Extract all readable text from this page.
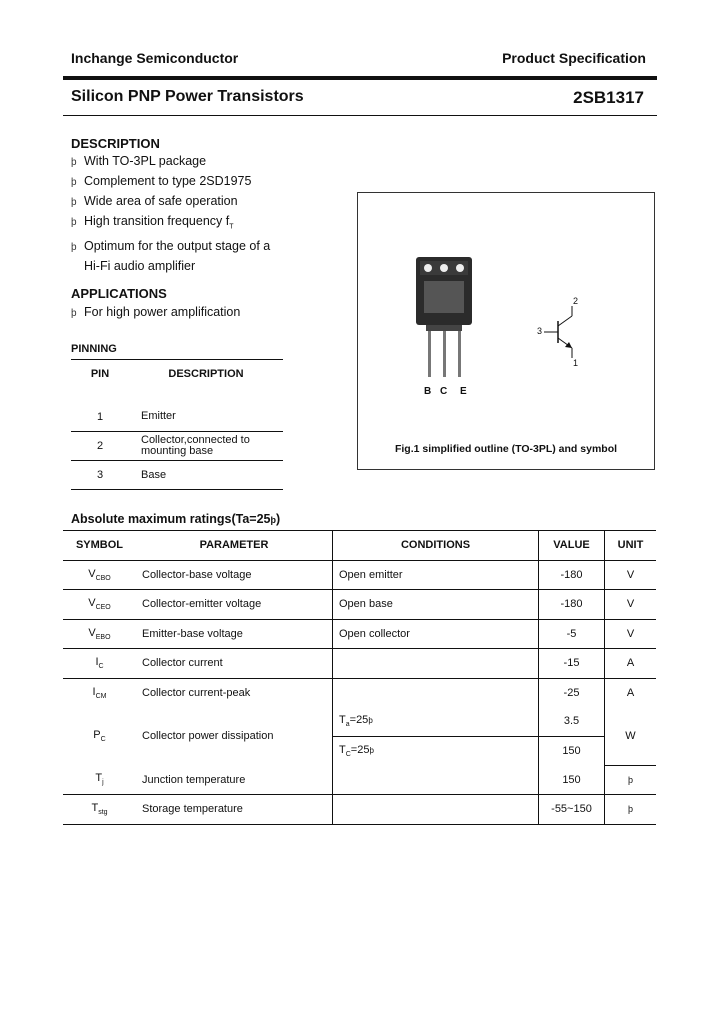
Inchange Semiconductor	Product Specification
Silicon PNP Power Transistors	2SB1317
DESCRIPTION
þ With TO-3PL package
þ Complement to type 2SD1975
þ Wide area of safe operation
þ High transition frequency $f_T$
þ Optimum for the output stage of a
Hi-Fi audio amplifier
APPLICATIONS
þ For high power amplification
PINNING
PIN	DESCRIPTION

1	Emitter
2	Collector,connected to
mounting base
3	Base
B C E
2
3
1
Fig.1 simplified outline (TO-3PL) and symbol
Absolute maximum ratings(Ta=25þ)
SYMBOL	PARAMETER	CONDITIONS	VALUE	UNIT
$V_{CBO}$	Collector-base voltage	Open emitter	-180	V
$V_{CEO}$	Collector-emitter voltage	Open base	-180	V
$V_{EBO}$	Emitter-base voltage	Open collector	-5	V
$I_C$	Collector current		-15	A
$I_{CM}$	Collector current-peak		-25	A
$P_C$	Collector power dissipation	$T_a=25þ$	3.5	W
		$T_C=25þ$	150	
$T_j$	Junction temperature		150	þ
$T_{stg}$	Storage temperature		-55~150	þ
